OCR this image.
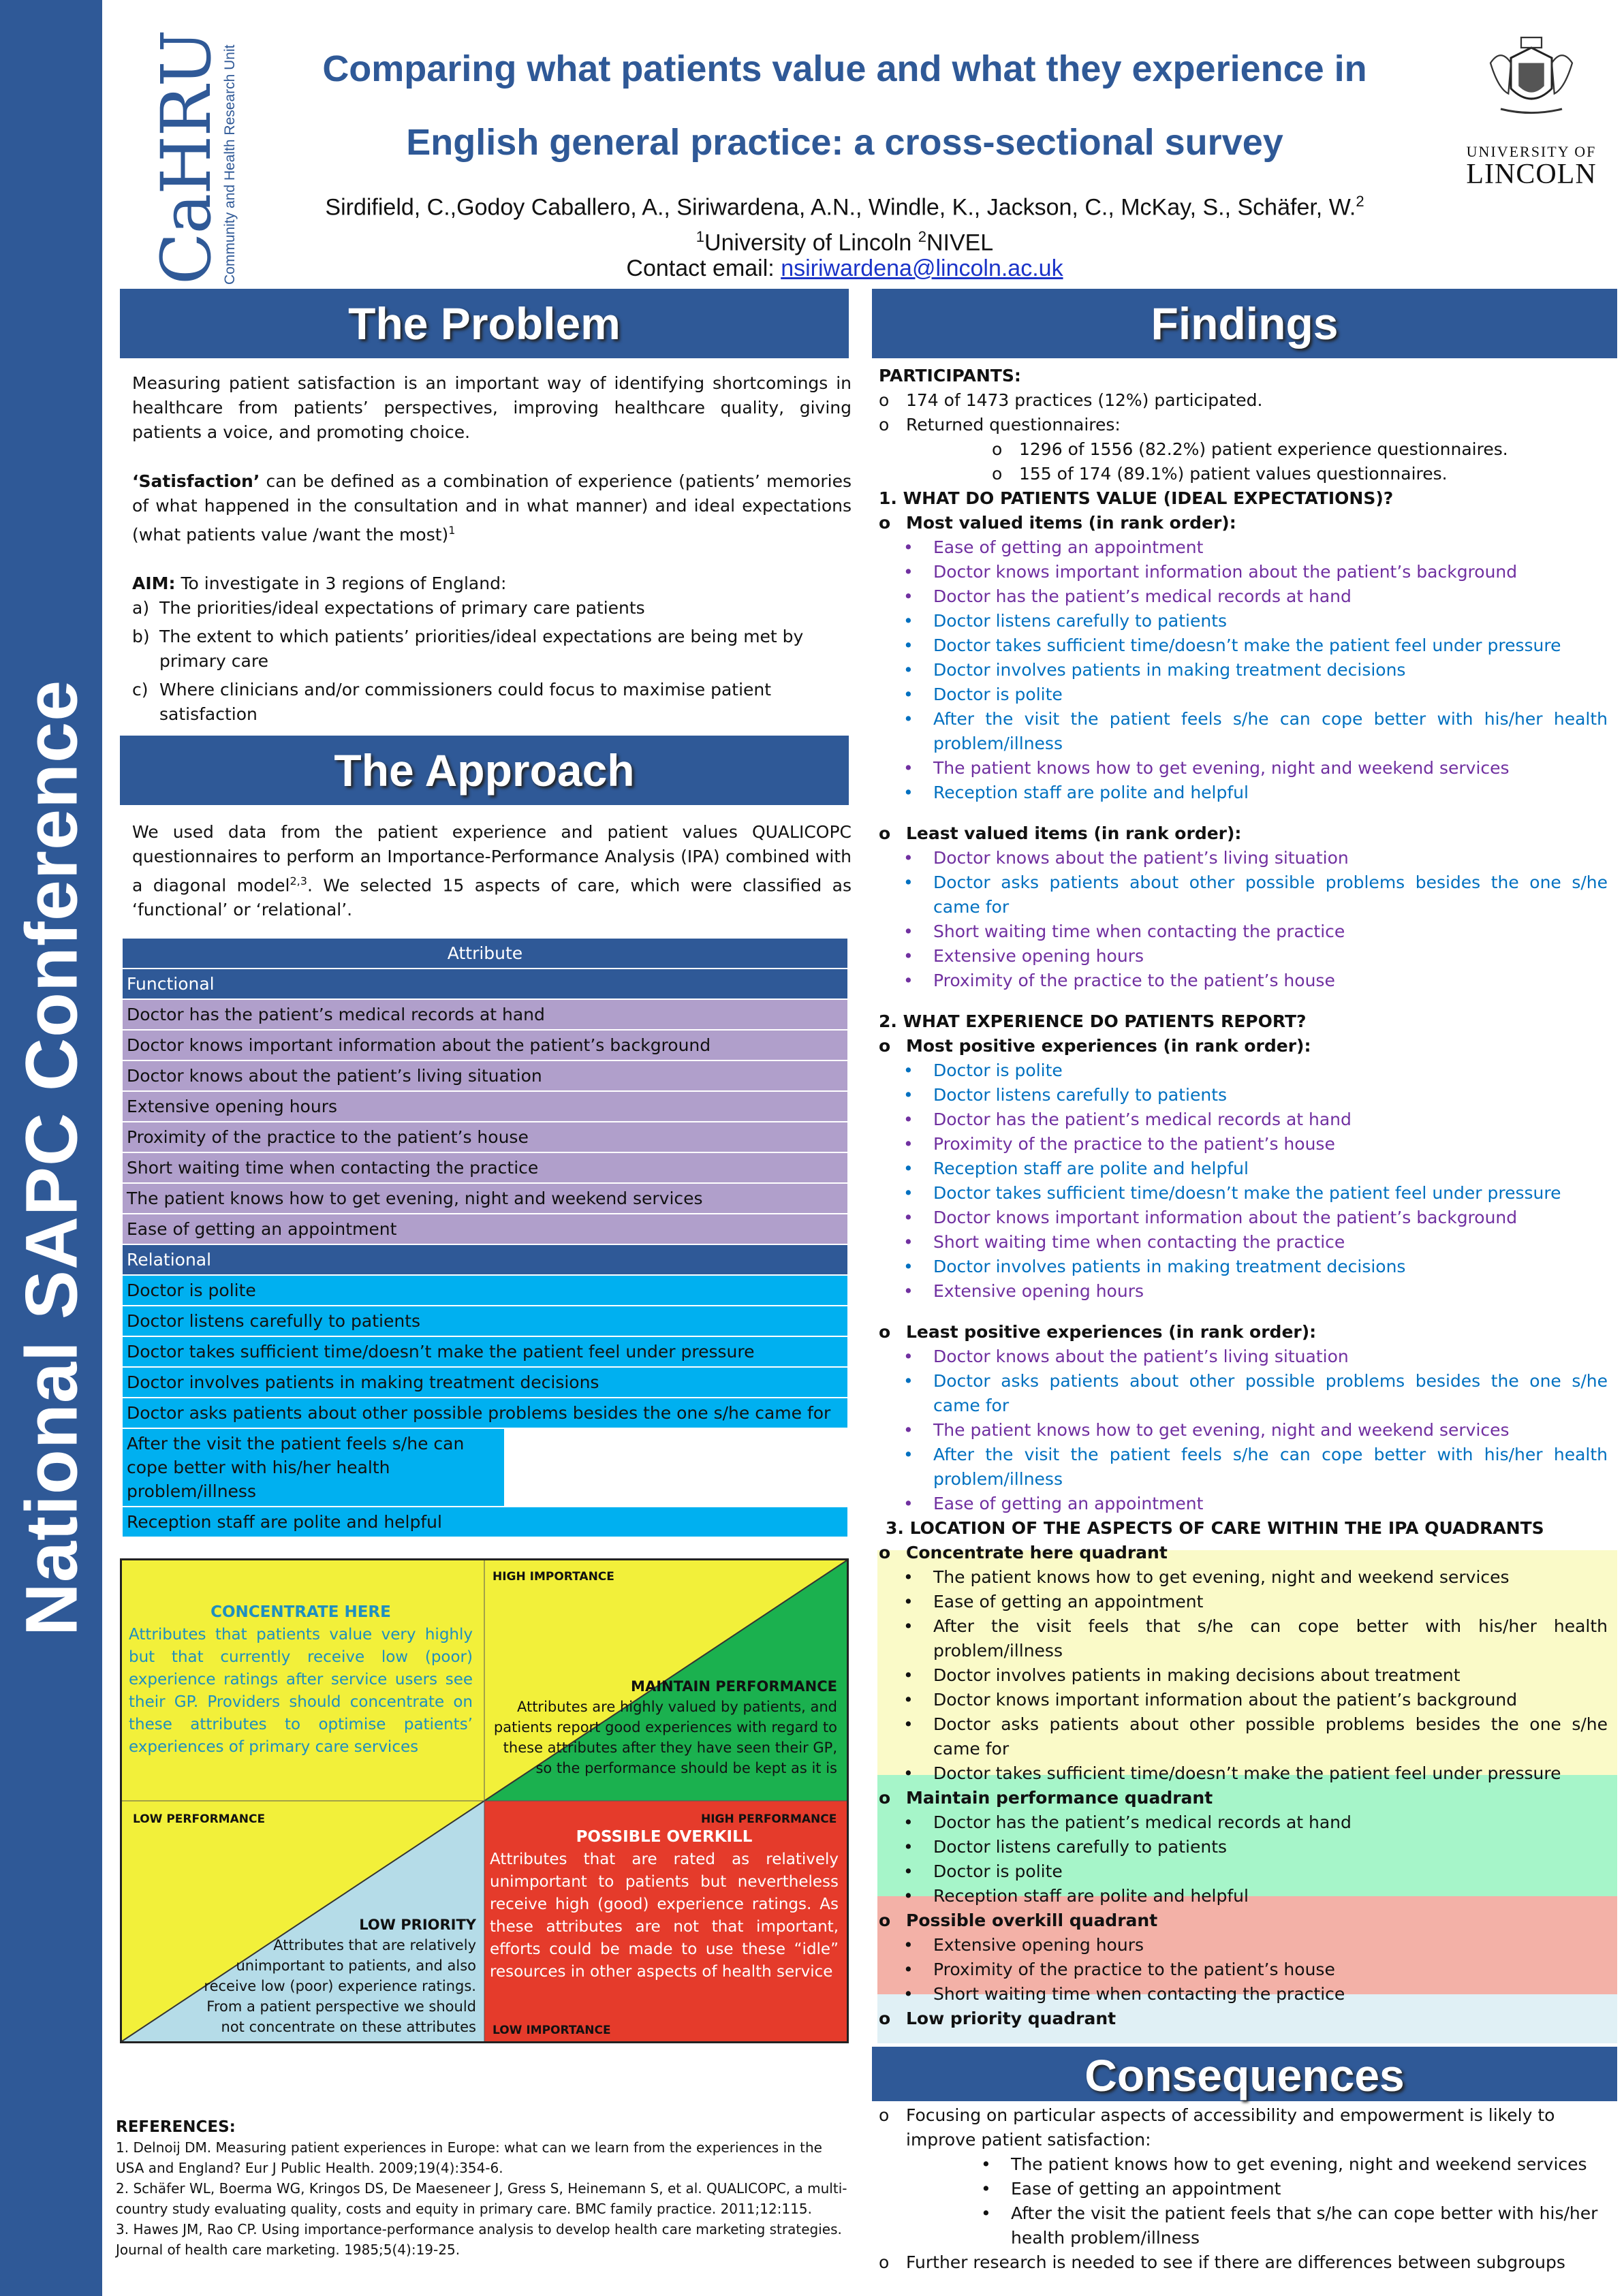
National SAPC Conference
CaHRU
Community and Health Research Unit	Comparing what patients value and what they experience in
English general practice: a cross-sectional survey
Sirdifield, C.,Godoy Caballero, A., Siriwardena, A.N., Windle, K., Jackson, C., McKay, S., Schäfer, W.$^2$
$^1$University of Lincoln $^2$NIVEL
Contact email: nsiriwardena@lincoln.ac.uk
UNIVERSITY OF
LINCOLN
The Problem

Measuring patient satisfaction is an important way of identifying shortcomings in healthcare from patients’ perspectives, improving healthcare quality, giving patients a voice, and promoting choice.

‘Satisfaction’ can be defined as a combination of experience (patients’ memories of what happened in the consultation and in what manner) and ideal expectations (what patients value /want the most)$^1$

AIM: To investigate in 3 regions of England:

a) The priorities/ideal expectations of primary care patients
b) The extent to which patients’ priorities/ideal expectations are being met by primary care
c) Where clinicians and/or commissioners could focus to maximise patient satisfaction
The Approach
We used data from the patient experience and patient values QUALICOPC questionnaires to perform an Importance-Performance Analysis (IPA) combined with a diagonal model$^{2,3}$. We selected 15 aspects of care, which were classified as ‘functional’ or ‘relational’.
Attribute
Functional
Doctor has the patient’s medical records at hand
Doctor knows important information about the patient’s background
Doctor knows about the patient’s living situation
Extensive opening hours
Proximity of the practice to the patient’s house
Short waiting time when contacting the practice
The patient knows how to get evening, night and weekend services
Ease of getting an appointment
Relational
Doctor is polite
Doctor listens carefully to patients
Doctor takes sufficient time/doesn’t make the patient feel under pressure
Doctor involves patients in making treatment decisions
Doctor asks patients about other possible problems besides the one s/he came for
After the visit the patient feels s/he can cope better with his/her health problem/illness
Reception staff are polite and helpful
HIGH IMPORTANCE
LOW IMPORTANCE
LOW PERFORMANCE	HIGH PERFORMANCE
CONCENTRATE HERE
Attributes that patients value very highly but that currently receive low (poor) experience ratings after service users see their GP. Providers should concentrate on these attributes to optimise patients’ experiences of primary care services
MAINTAIN PERFORMANCE
Attributes are highly valued by patients, and patients report good experiences with regard to these attributes after they have seen their GP, so the performance should be kept as it is
POSSIBLE OVERKILL
Attributes that are rated as relatively unimportant to patients but nevertheless receive high (good) experience ratings. As these attributes are not that important, efforts could be made to use these “idle” resources in other aspects of health service
LOW PRIORITY
Attributes that are relatively unimportant to patients, and also receive low (poor) experience ratings. From a patient perspective we should not concentrate on these attributes
REFERENCES:
1. Delnoij DM. Measuring patient experiences in Europe: what can we learn from the experiences in the USA and England? Eur J Public Health. 2009;19(4):354-6.
2. Schäfer WL, Boerma WG, Kringos DS, De Maeseneer J, Gress S, Heinemann S, et al. QUALICOPC, a multi-country study evaluating quality, costs and equity in primary care. BMC family practice. 2011;12:115.
3. Hawes JM, Rao CP. Using importance-performance analysis to develop health care marketing strategies. Journal of health care marketing. 1985;5(4):19-25.
Findings
PARTICIPANTS:
o 174 of 1473 practices (12%) participated.
o Returned questionnaires:
o 1296 of 1556 (82.2%) patient experience questionnaires.
o 155 of 174 (89.1%) patient values questionnaires.
1. WHAT DO PATIENTS VALUE (IDEAL EXPECTATIONS)?
o Most valued items (in rank order):
•	Ease of getting an appointment
•	Doctor knows important information about the patient’s background
•	Doctor has the patient’s medical records at hand
•	Doctor listens carefully to patients
•	Doctor takes sufficient time/doesn’t make the patient feel under pressure
•	Doctor involves patients in making treatment decisions
•	Doctor is polite
•	After the visit the patient feels s/he can cope better with his/her health problem/illness
•	The patient knows how to get evening, night and weekend services
•	Reception staff are polite and helpful
o Least valued items (in rank order):
•	Doctor knows about the patient’s living situation
•	Doctor asks patients about other possible problems besides the one s/he came for
•	Short waiting time when contacting the practice
•	Extensive opening hours
•	Proximity of the practice to the patient’s house
2. WHAT EXPERIENCE DO PATIENTS REPORT?
o Most positive experiences (in rank order):
•	Doctor is polite
•	Doctor listens carefully to patients
•	Doctor has the patient’s medical records at hand
•	Proximity of the practice to the patient’s house
•	Reception staff are polite and helpful
•	Doctor takes sufficient time/doesn’t make the patient feel under pressure
•	Doctor knows important information about the patient’s background
•	Short waiting time when contacting the practice
•	Doctor involves patients in making treatment decisions
•	Extensive opening hours
o Least positive experiences (in rank order):
•	Doctor knows about the patient’s living situation
•	Doctor asks patients about other possible problems besides the one s/he came for
•	The patient knows how to get evening, night and weekend services
•	After the visit the patient feels s/he can cope better with his/her health problem/illness
•	Ease of getting an appointment
3. LOCATION OF THE ASPECTS OF CARE WITHIN THE IPA QUADRANTS
o Concentrate here quadrant
•	The patient knows how to get evening, night and weekend services
•	Ease of getting an appointment
•	After the visit feels that s/he can cope better with his/her health problem/illness
•	Doctor involves patients in making decisions about treatment
•	Doctor knows important information about the patient’s background
•	Doctor asks patients about other possible problems besides the one s/he came for
•	Doctor takes sufficient time/doesn’t make the patient feel under pressure
o Maintain performance quadrant
•	Doctor has the patient’s medical records at hand
•	Doctor listens carefully to patients
•	Doctor is polite
•	Reception staff are polite and helpful
o Possible overkill quadrant
•	Extensive opening hours
•	Proximity of the practice to the patient’s house
•	Short waiting time when contacting the practice
o Low priority quadrant
Consequences
o Focusing on particular aspects of accessibility and empowerment is likely to improve patient satisfaction:
•	The patient knows how to get evening, night and weekend services
•	Ease of getting an appointment
•	After the visit the patient feels that s/he can cope better with his/her health problem/illness
o Further research is needed to see if there are differences between subgroups
